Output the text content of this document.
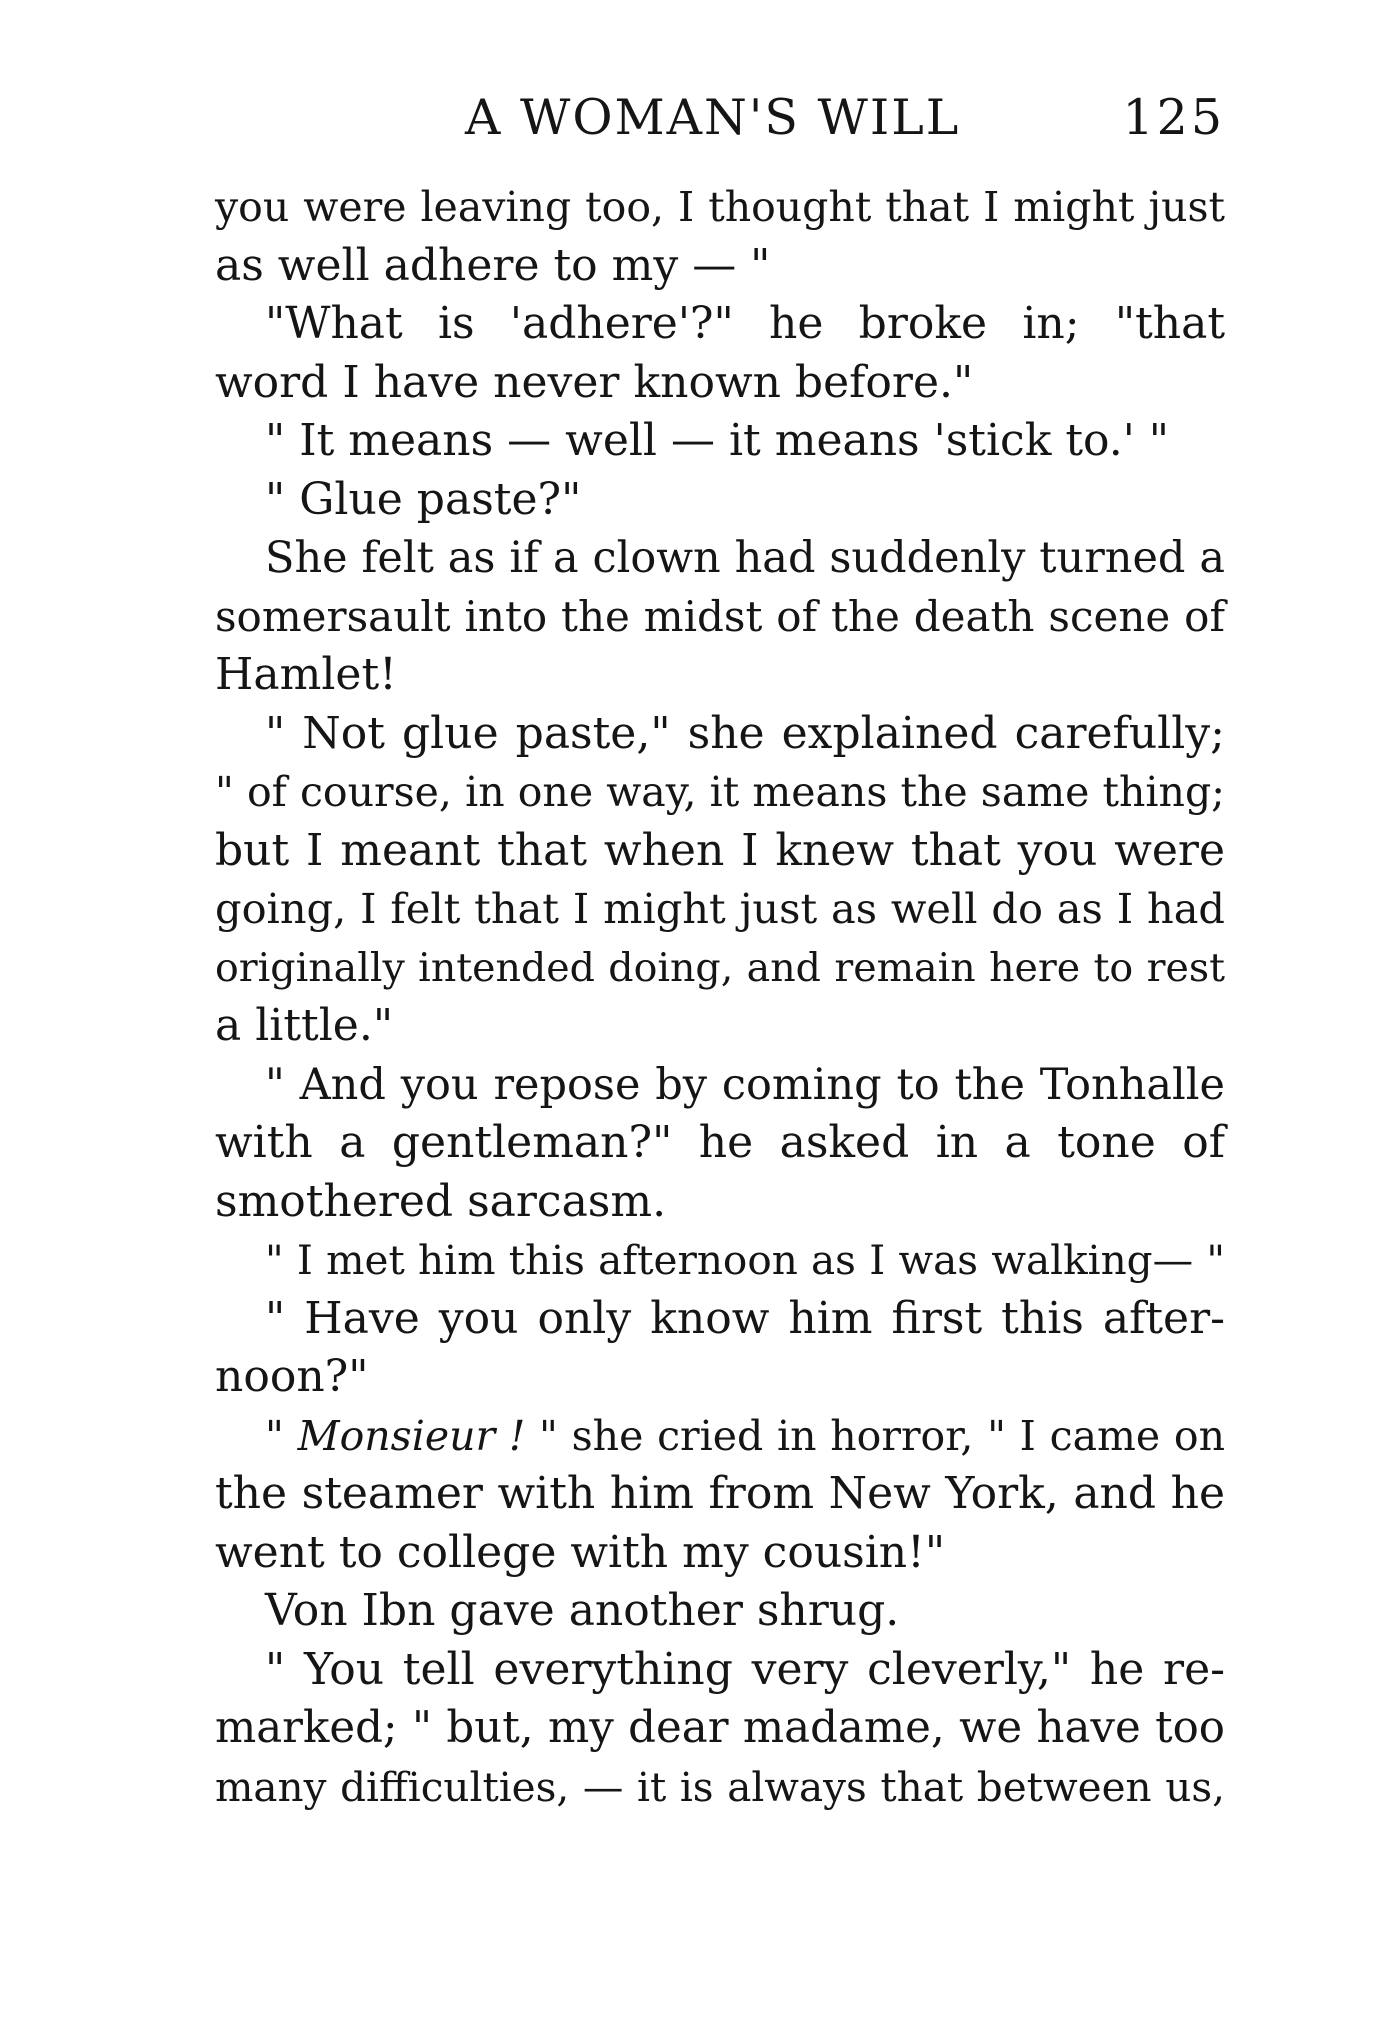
A WOMAN'S WILL	125
you were leaving too, I thought that I might just
as well adhere to my — "
"What is 'adhere'?" he broke in; "that
word I have never known before."
" It means — well — it means 'stick to.' "
" Glue paste?"
She felt as if a clown had suddenly turned a
somersault into the midst of the death scene of
Hamlet!
" Not glue paste," she explained carefully;
" of course, in one way, it means the same thing;
but I meant that when I knew that you were
going, I felt that I might just as well do as I had
originally intended doing, and remain here to rest
a little."
" And you repose by coming to the Tonhalle
with a gentleman?" he asked in a tone of
smothered sarcasm.
" I met him this afternoon as I was walking— "
" Have you only know him first this after-
noon?"
" Monsieur ! " she cried in horror, " I came on
the steamer with him from New York, and he
went to college with my cousin!"
Von Ibn gave another shrug.
" You tell everything very cleverly," he re-
marked; " but, my dear madame, we have too
many difficulties, — it is always that between us,
